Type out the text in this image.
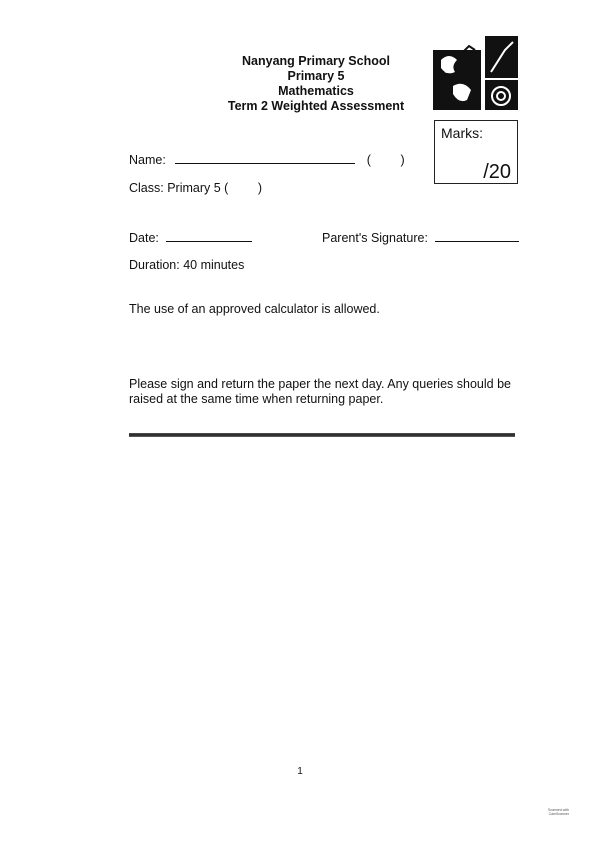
Nanyang Primary School
Primary 5
Mathematics
Term 2 Weighted Assessment
Marks:
/20
Name:	( )
Class: Primary 5 ( )
Date:	Parent's Signature:
Duration: 40 minutes
The use of an approved calculator is allowed.
Please sign and return the paper the next day. Any queries should be raised at the same time when returning paper.
1
Scanned with
CamScanner
